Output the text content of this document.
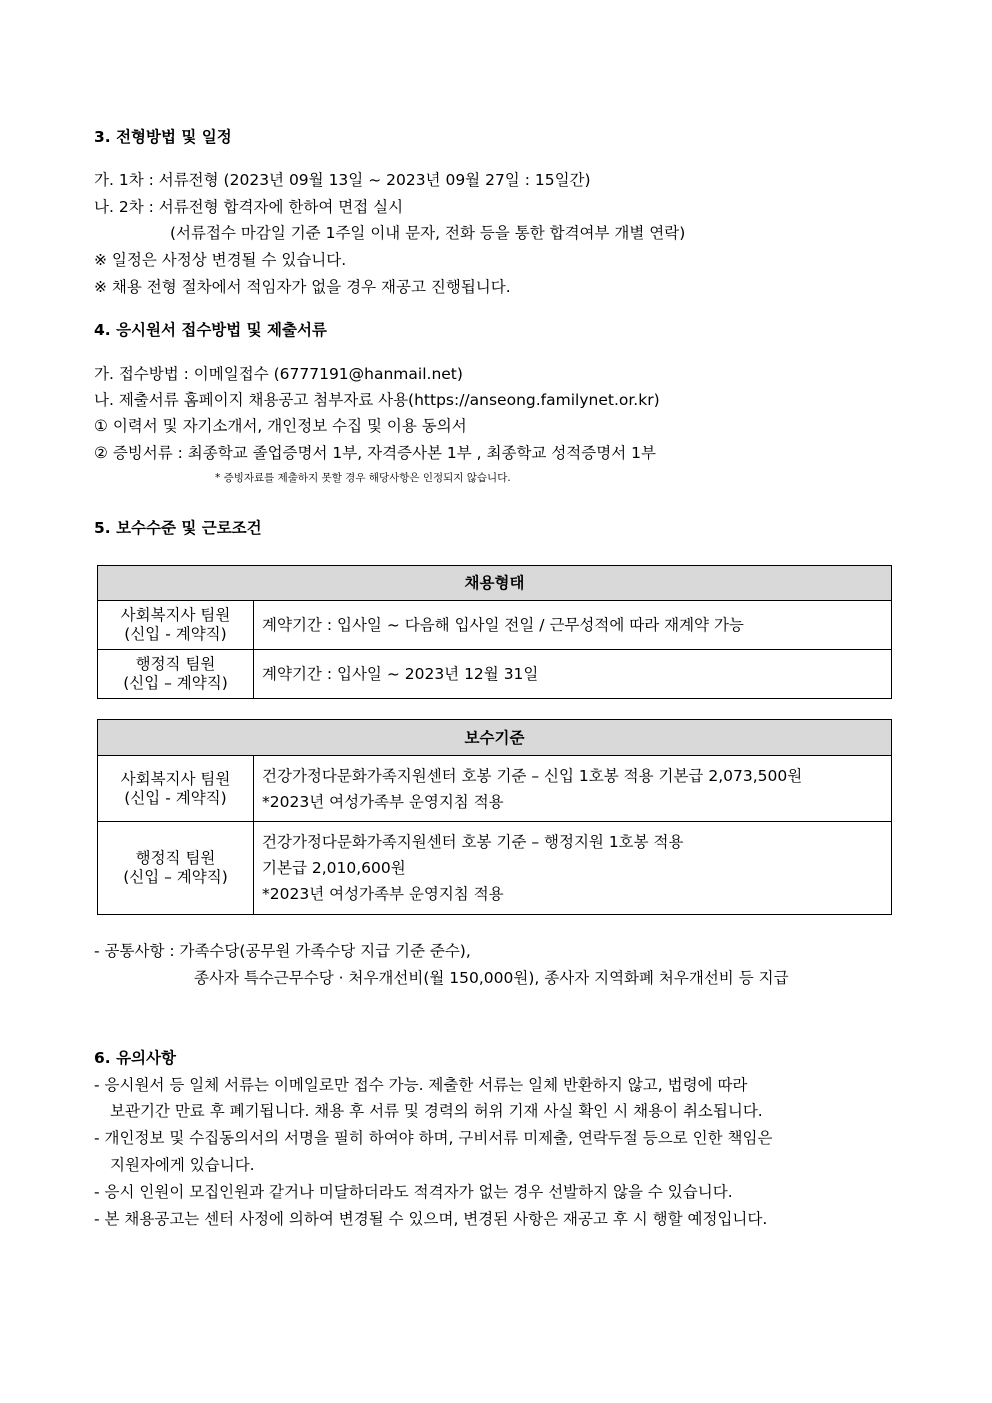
3. 전형방법 및 일정
가. 1차 : 서류전형 (2023년 09월 13일 ~ 2023년 09월 27일 : 15일간)
나. 2차 : 서류전형 합격자에 한하여 면접 실시
(서류접수 마감일 기준 1주일 이내 문자, 전화 등을 통한 합격여부 개별 연락)
※ 일정은 사정상 변경될 수 있습니다.
※ 채용 전형 절차에서 적임자가 없을 경우 재공고 진행됩니다.
4. 응시원서 접수방법 및 제출서류
가. 접수방법 : 이메일접수 (6777191@hanmail.net)
나. 제출서류 홈페이지 채용공고 첨부자료 사용(https://anseong.familynet.or.kr)
① 이력서 및 자기소개서, 개인정보 수집 및 이용 동의서
② 증빙서류 : 최종학교 졸업증명서 1부, 자격증사본 1부 , 최종학교 성적증명서 1부
* 증빙자료를 제출하지 못할 경우 해당사항은 인정되지 않습니다.
5. 보수수준 및 근로조건
채용형태	

사회복지사 팀원
(신입 - 계약직)	계약기간 : 입사일 ~ 다음해 입사일 전일 / 근무성적에 따라 재계약 가능

행정직 팀원
(신입 – 계약직)	계약기간 : 입사일 ~ 2023년 12월 31일
보수기준	

사회복지사 팀원
(신입 - 계약직)	건강가정다문화가족지원센터 호봉 기준 – 신입 1호봉 적용 기본급 2,073,500원
*2023년 여성가족부 운영지침 적용

행정직 팀원
(신입 – 계약직)	건강가정다문화가족지원센터 호봉 기준 – 행정지원 1호봉 적용
기본급 2,010,600원
*2023년 여성가족부 운영지침 적용
- 공통사항 : 가족수당(공무원 가족수당 지급 기준 준수),
종사자 특수근무수당 · 처우개선비(월 150,000원), 종사자 지역화폐 처우개선비 등 지급
6. 유의사항
- 응시원서 등 일체 서류는 이메일로만 접수 가능. 제출한 서류는 일체 반환하지 않고, 법령에 따라
보관기간 만료 후 폐기됩니다. 채용 후 서류 및 경력의 허위 기재 사실 확인 시 채용이 취소됩니다.
- 개인정보 및 수집동의서의 서명을 필히 하여야 하며, 구비서류 미제출, 연락두절 등으로 인한 책임은
지원자에게 있습니다.
- 응시 인원이 모집인원과 같거나 미달하더라도 적격자가 없는 경우 선발하지 않을 수 있습니다.
- 본 채용공고는 센터 사정에 의하여 변경될 수 있으며, 변경된 사항은 재공고 후 시 행할 예정입니다.
